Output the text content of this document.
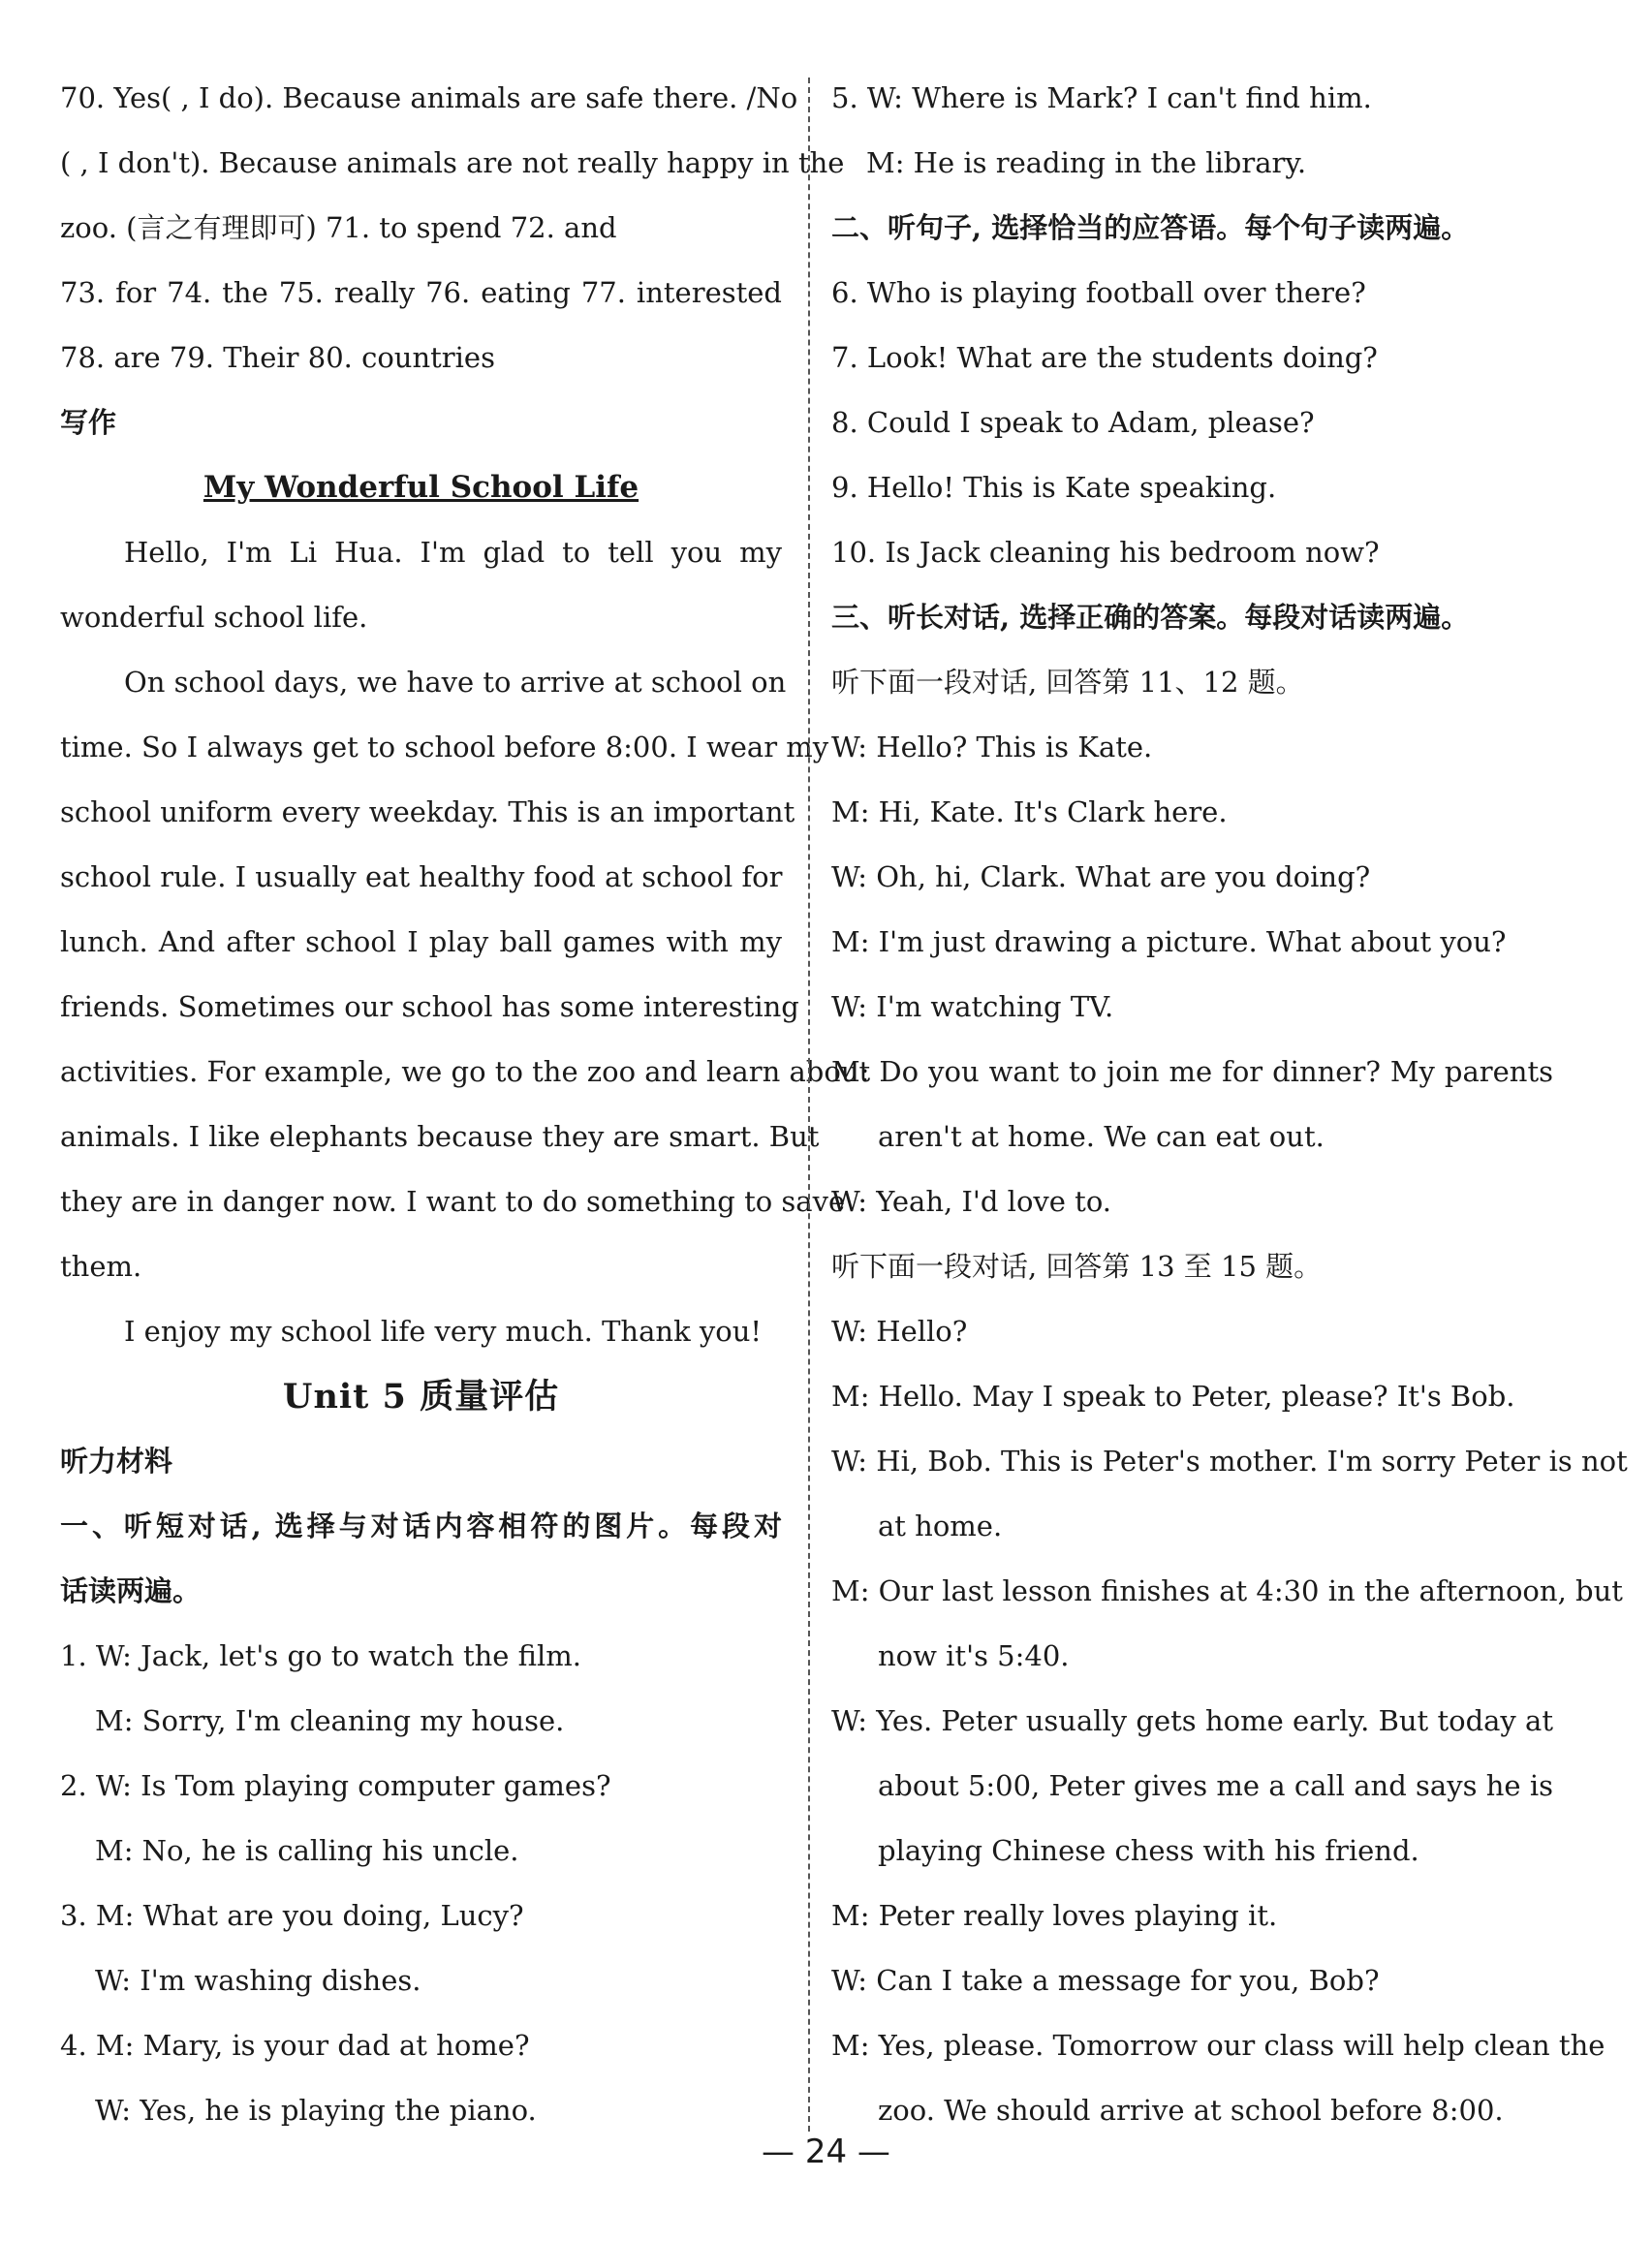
70. Yes( , I do). Because animals are safe there. /No
( , I don't). Because animals are not really happy in the
zoo. (言之有理即可) 71. to spend 72. and
73. for 74. the 75. really 76. eating 77. interested
78. are 79. Their 80. countries
写作
My Wonderful School Life
Hello, I'm Li Hua. I'm glad to tell you my
wonderful school life.
On school days, we have to arrive at school on
time. So I always get to school before 8:00. I wear my
school uniform every weekday. This is an important
school rule. I usually eat healthy food at school for
lunch. And after school I play ball games with my
friends. Sometimes our school has some interesting
activities. For example, we go to the zoo and learn about
animals. I like elephants because they are smart. But
they are in danger now. I want to do something to save
them.
I enjoy my school life very much. Thank you!
Unit 5 质量评估
听力材料
一、听短对话, 选择与对话内容相符的图片。每段对
话读两遍。
1. W: Jack, let's go to watch the film.
M: Sorry, I'm cleaning my house.
2. W: Is Tom playing computer games?
M: No, he is calling his uncle.
3. M: What are you doing, Lucy?
W: I'm washing dishes.
4. M: Mary, is your dad at home?
W: Yes, he is playing the piano.
5. W: Where is Mark? I can't find him.
M: He is reading in the library.
二、听句子, 选择恰当的应答语。每个句子读两遍。
6. Who is playing football over there?
7. Look! What are the students doing?
8. Could I speak to Adam, please?
9. Hello! This is Kate speaking.
10. Is Jack cleaning his bedroom now?
三、听长对话, 选择正确的答案。每段对话读两遍。
听下面一段对话, 回答第 11、12 题。
W: Hello? This is Kate.
M: Hi, Kate. It's Clark here.
W: Oh, hi, Clark. What are you doing?
M: I'm just drawing a picture. What about you?
W: I'm watching TV.
M: Do you want to join me for dinner? My parents
aren't at home. We can eat out.
W: Yeah, I'd love to.
听下面一段对话, 回答第 13 至 15 题。
W: Hello?
M: Hello. May I speak to Peter, please? It's Bob.
W: Hi, Bob. This is Peter's mother. I'm sorry Peter is not
at home.
M: Our last lesson finishes at 4:30 in the afternoon, but
now it's 5:40.
W: Yes. Peter usually gets home early. But today at
about 5:00, Peter gives me a call and says he is
playing Chinese chess with his friend.
M: Peter really loves playing it.
W: Can I take a message for you, Bob?
M: Yes, please. Tomorrow our class will help clean the
zoo. We should arrive at school before 8:00.
— 24 —
